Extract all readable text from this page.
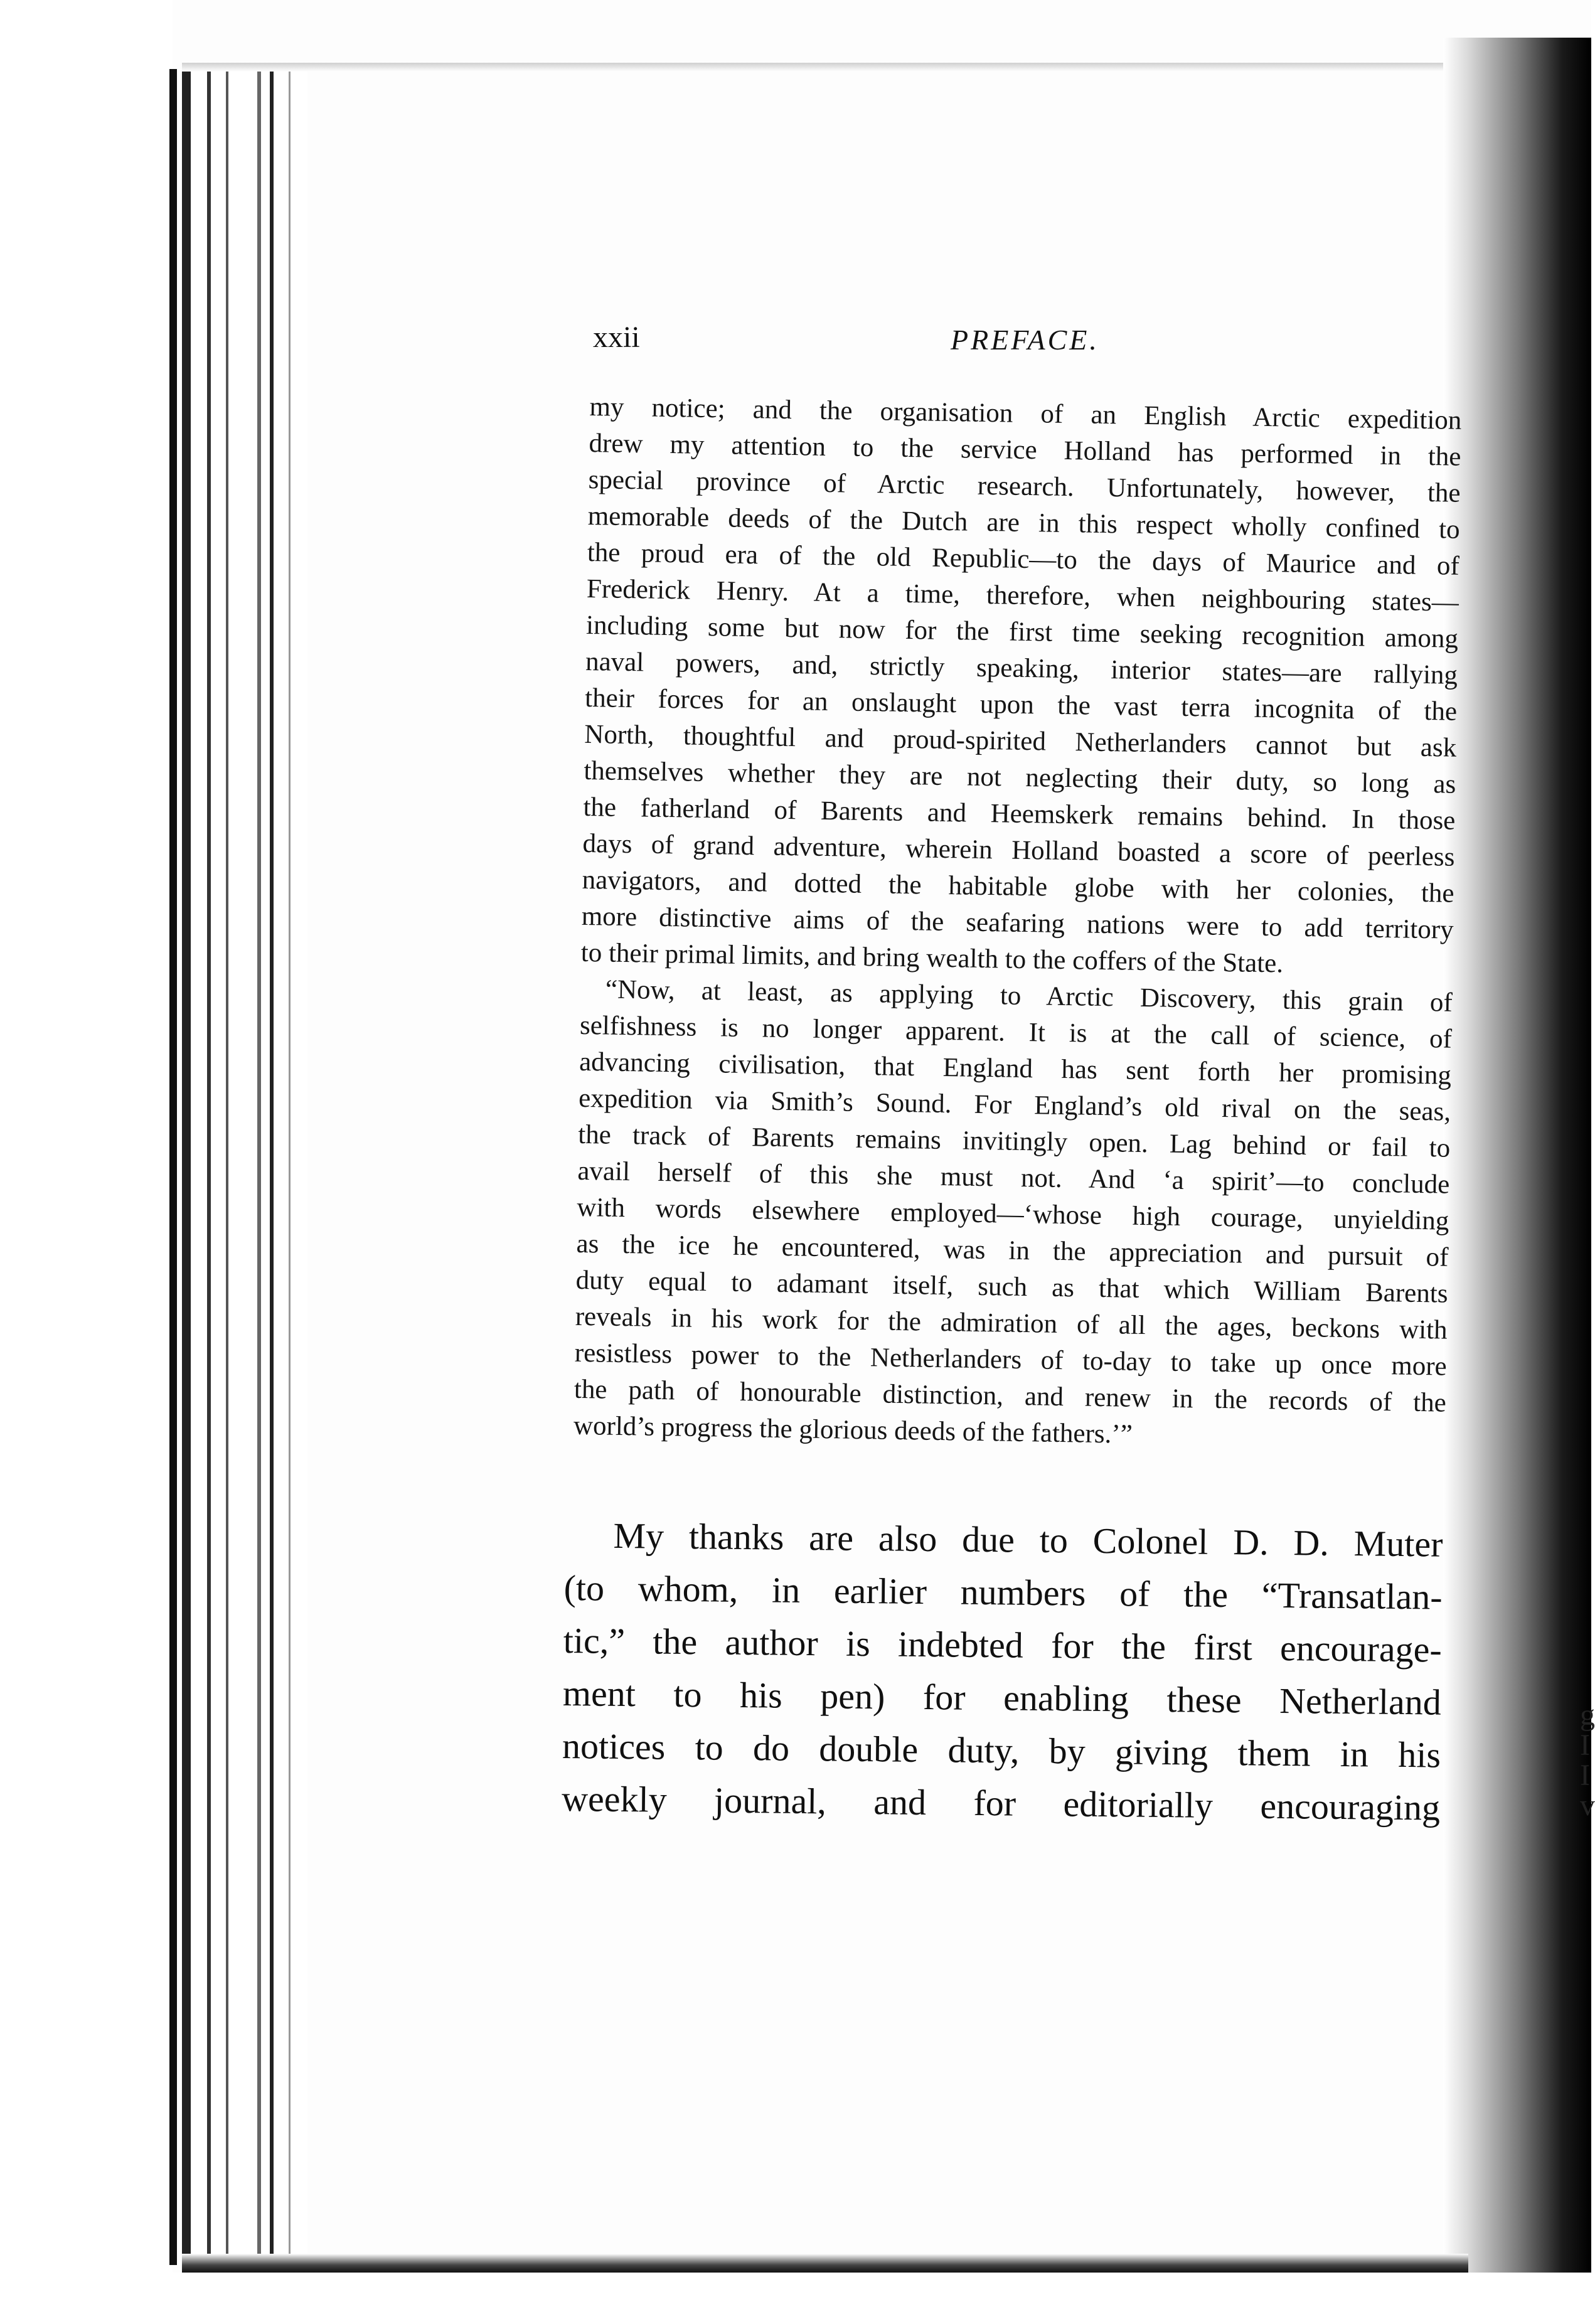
g
I
I
v
xxii	PREFACE.
my notice; and the organisation of an English Arctic expedition
drew my attention to the service Holland has performed in the
special province of Arctic research. Unfortunately, however, the
memorable deeds of the Dutch are in this respect wholly confined to
the proud era of the old Republic—to the days of Maurice and of
Frederick Henry. At a time, therefore, when neighbouring states—
including some but now for the first time seeking recognition among
naval powers, and, strictly speaking, interior states—are rallying
their forces for an onslaught upon the vast terra incognita of the
North, thoughtful and proud-spirited Netherlanders cannot but ask
themselves whether they are not neglecting their duty, so long as
the fatherland of Barents and Heemskerk remains behind. In those
days of grand adventure, wherein Holland boasted a score of peerless
navigators, and dotted the habitable globe with her colonies, the
more distinctive aims of the seafaring nations were to add territory
to their primal limits, and bring wealth to the coffers of the State.
“Now, at least, as applying to Arctic Discovery, this grain of
selfishness is no longer apparent. It is at the call of science, of
advancing civilisation, that England has sent forth her promising
expedition via Smith’s Sound. For England’s old rival on the seas,
the track of Barents remains invitingly open. Lag behind or fail to
avail herself of this she must not. And ‘a spirit’—to conclude
with words elsewhere employed—‘whose high courage, unyielding
as the ice he encountered, was in the appreciation and pursuit of
duty equal to adamant itself, such as that which William Barents
reveals in his work for the admiration of all the ages, beckons with
resistless power to the Netherlanders of to-day to take up once more
the path of honourable distinction, and renew in the records of the
world’s progress the glorious deeds of the fathers.’”
My thanks are also due to Colonel D. D. Muter
(to whom, in earlier numbers of the “Transatlan-
tic,” the author is indebted for the first encourage-
ment to his pen) for enabling these Netherland
notices to do double duty, by giving them in his
weekly journal, and for editorially encouraging
